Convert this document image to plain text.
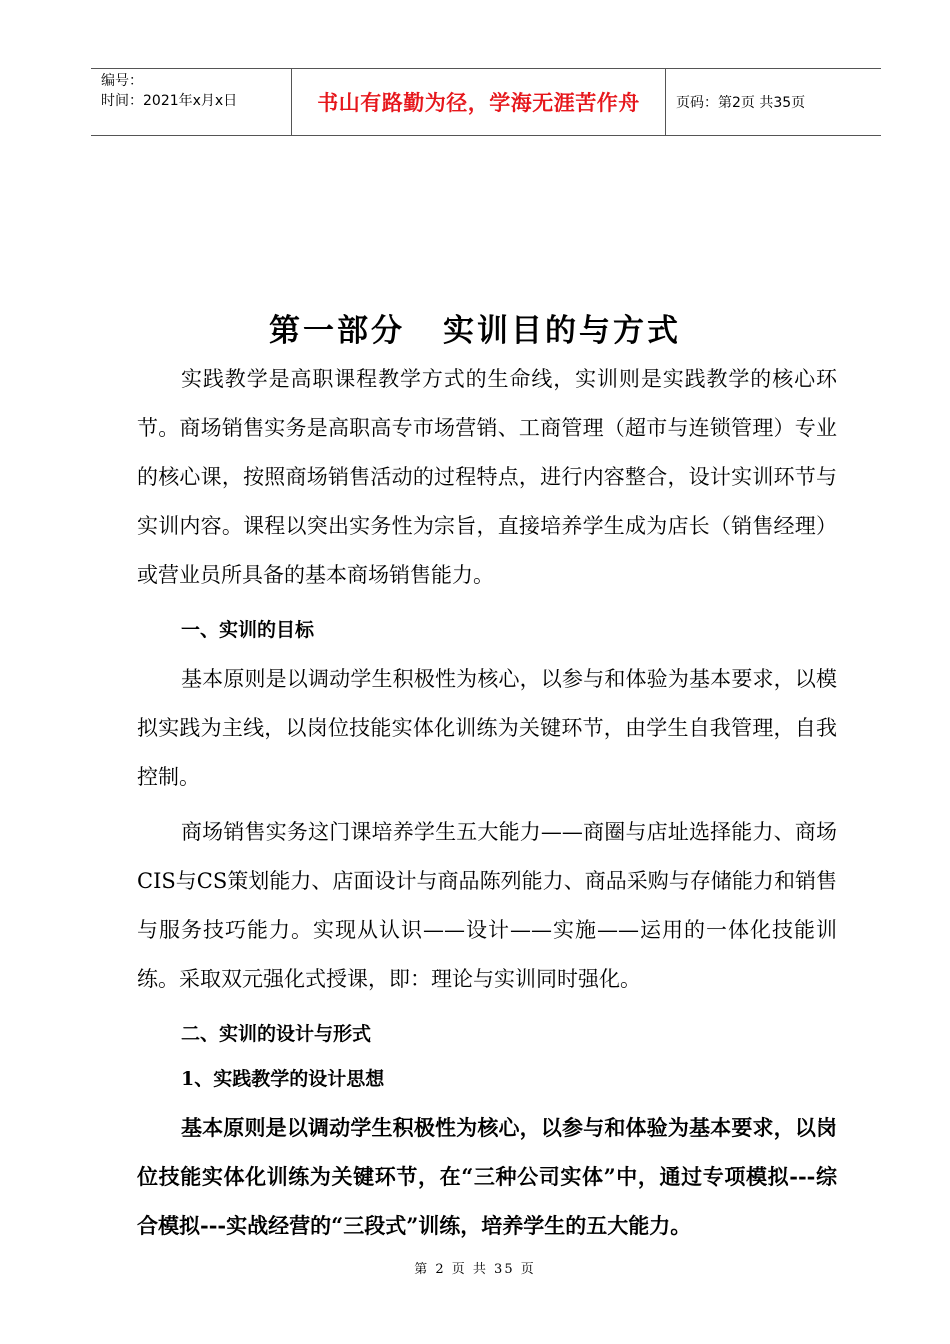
编号：
时间：2021年x月x日	书山有路勤为径，学海无涯苦作舟	页码：第2页 共35页
第一部分 实训目的与方式

实践教学是高职课程教学方式的生命线，实训则是实践教学的核心环节。商场销售实务是高职高专市场营销、工商管理（超市与连锁管理）专业的核心课，按照商场销售活动的过程特点，进行内容整合，设计实训环节与实训内容。课程以突出实务性为宗旨，直接培养学生成为店长（销售经理）或营业员所具备的基本商场销售能力。

一、实训的目标

基本原则是以调动学生积极性为核心，以参与和体验为基本要求，以模拟实践为主线，以岗位技能实体化训练为关键环节，由学生自我管理，自我控制。

商场销售实务这门课培养学生五大能力——商圈与店址选择能力、商场CIS与CS策划能力、店面设计与商品陈列能力、商品采购与存储能力和销售与服务技巧能力。实现从认识——设计——实施——运用的一体化技能训练。采取双元强化式授课，即：理论与实训同时强化。

二、实训的设计与形式

1、实践教学的设计思想

基本原则是以调动学生积极性为核心，以参与和体验为基本要求，以岗位技能实体化训练为关键环节，在“三种公司实体”中，通过专项模拟---综合模拟---实战经营的“三段式”训练，培养学生的五大能力。

第 2 页 共 35 页
